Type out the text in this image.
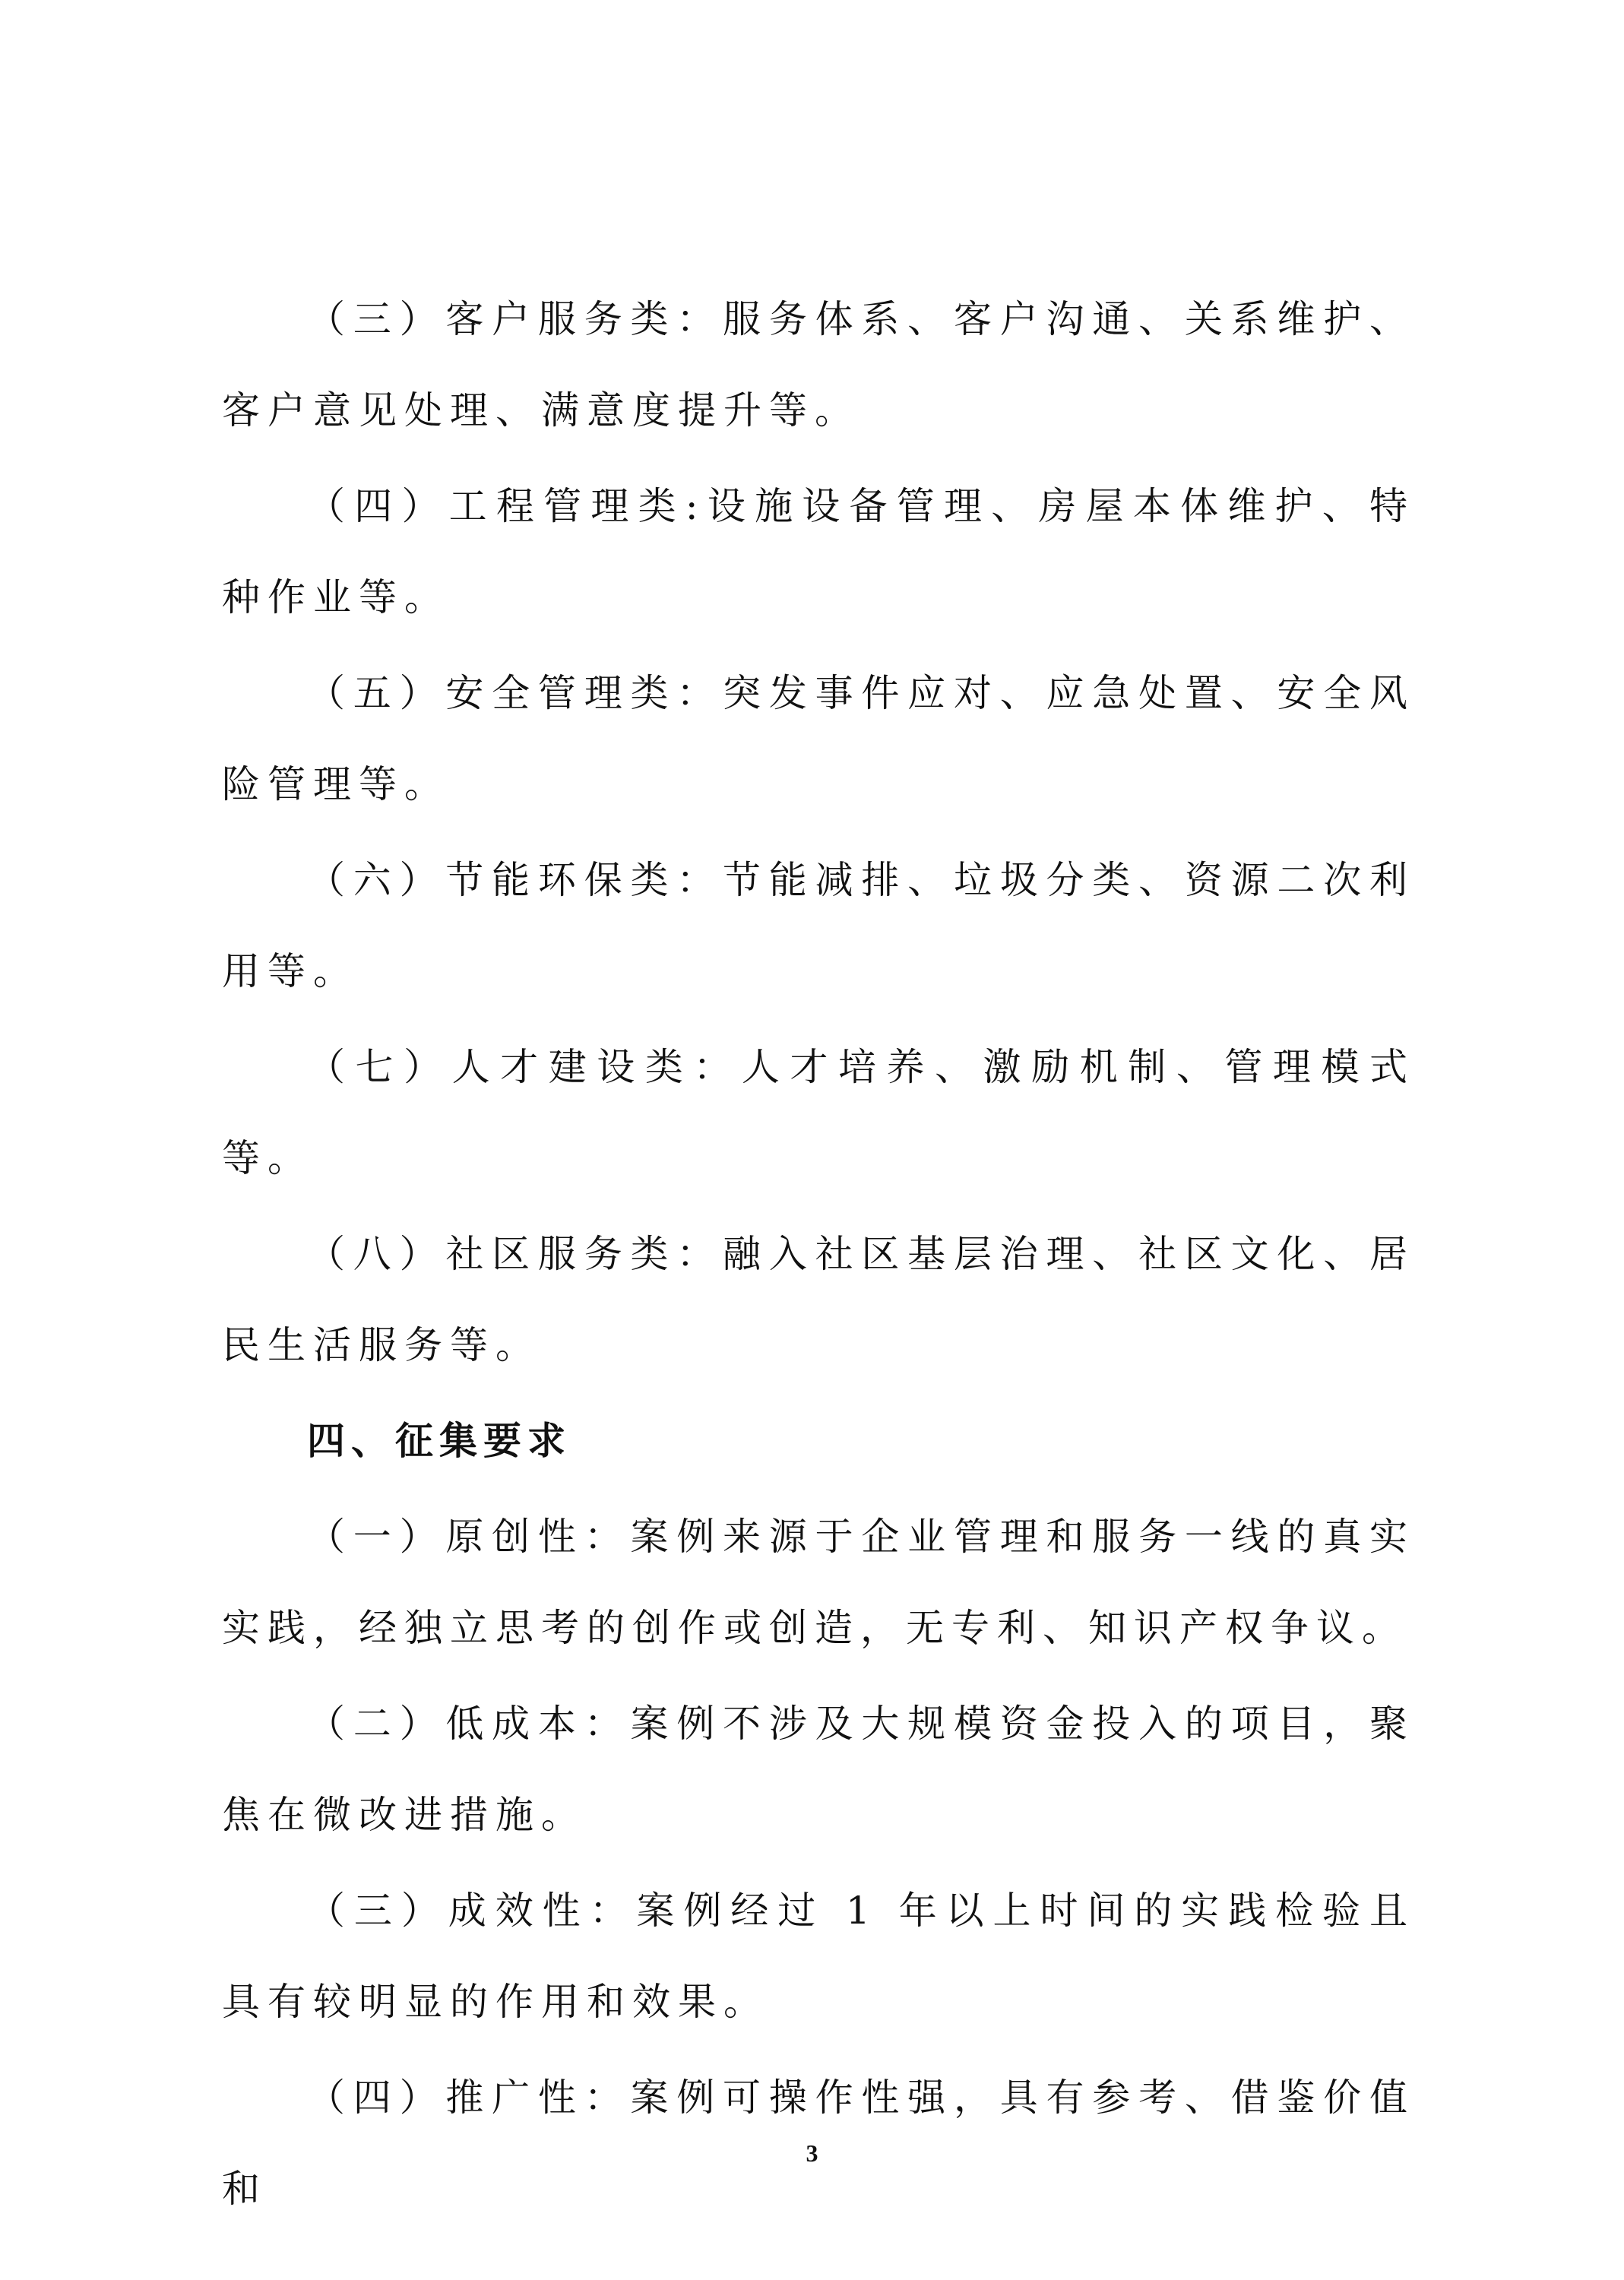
（三）客户服务类：服务体系、客户沟通、关系维护、客户意见处理、满意度提升等。

（四）工程管理类:设施设备管理、房屋本体维护、特种作业等。

（五）安全管理类：突发事件应对、应急处置、安全风险管理等。

（六）节能环保类：节能减排、垃圾分类、资源二次利用等。

（七）人才建设类：人才培养、激励机制、管理模式等。

（八）社区服务类：融入社区基层治理、社区文化、居民生活服务等。

四、征集要求

（一）原创性：案例来源于企业管理和服务一线的真实实践，经独立思考的创作或创造，无专利、知识产权争议。

（二）低成本：案例不涉及大规模资金投入的项目，聚焦在微改进措施。

（三）成效性：案例经过 1 年以上时间的实践检验且具有较明显的作用和效果。

（四）推广性：案例可操作性强，具有参考、借鉴价值和

3
